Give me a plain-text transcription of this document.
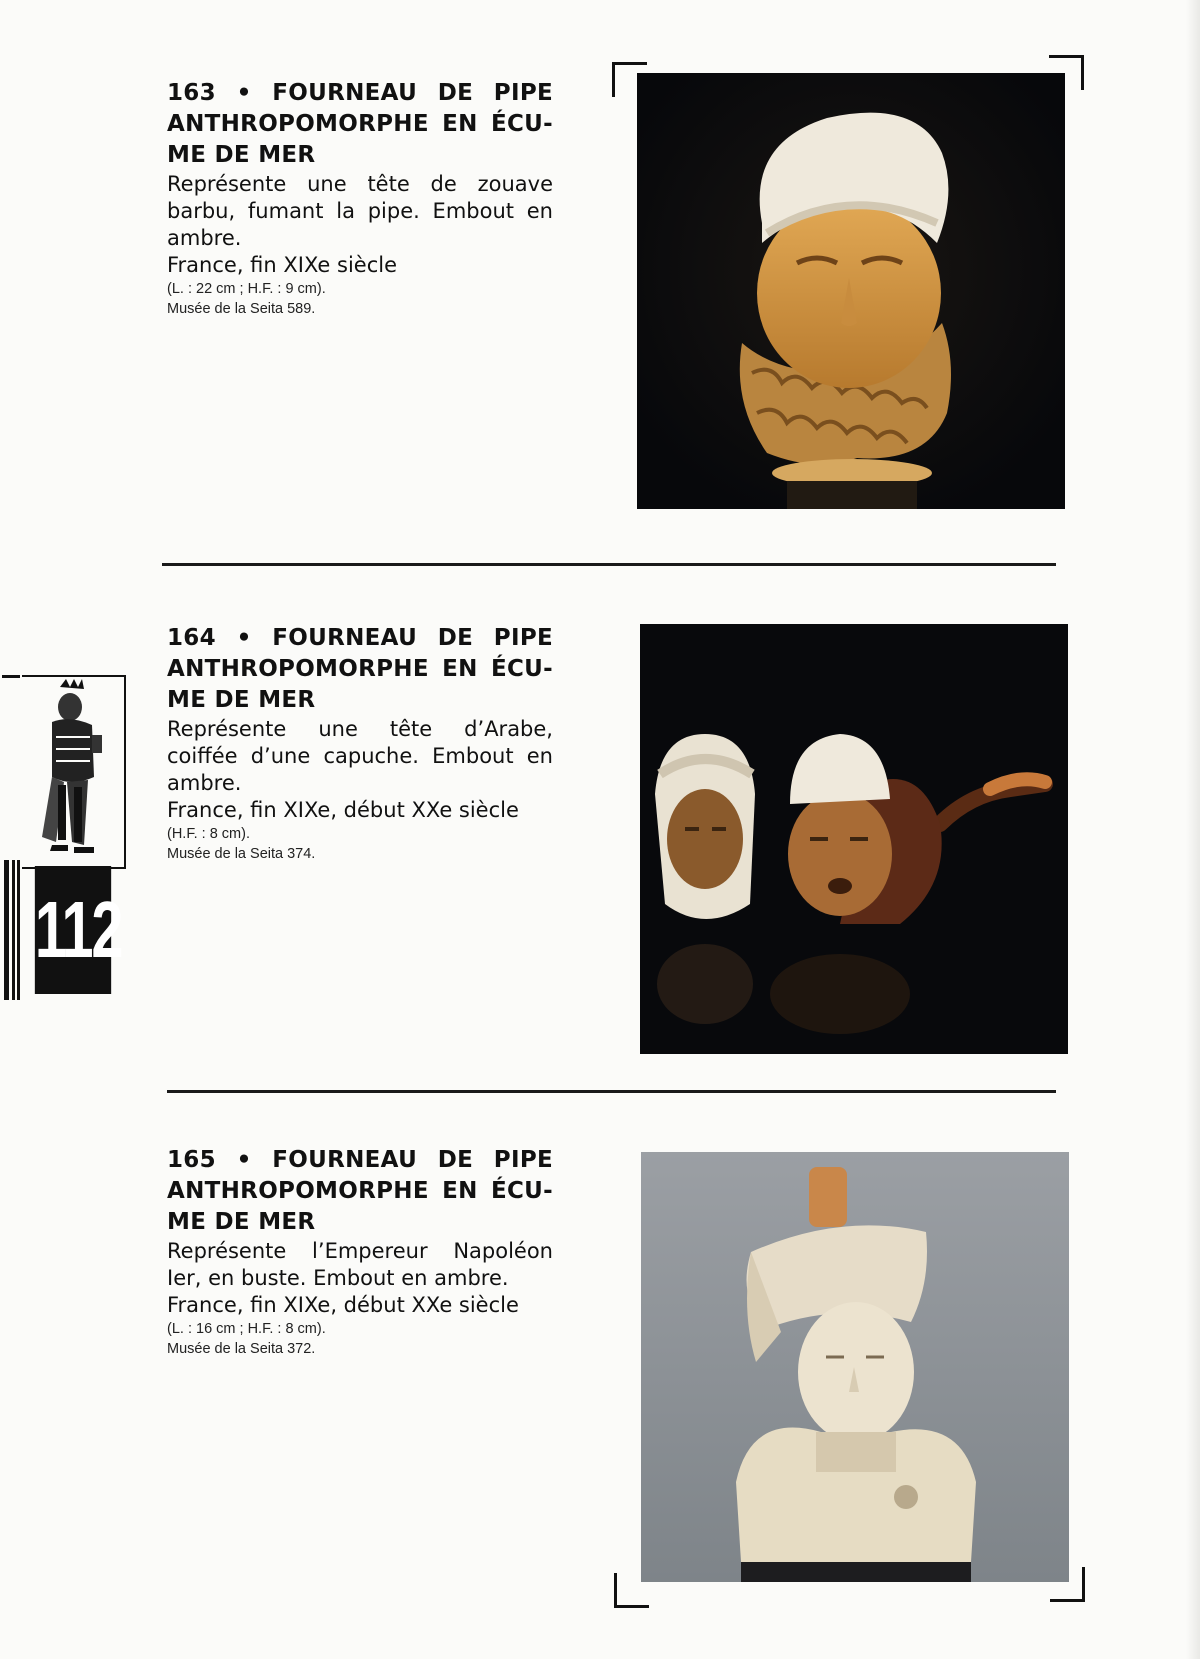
163 • FOURNEAU DE PIPE ANTHROPOMORPHE EN ÉCU-ME DE MER

Représente une tête de zouave barbu, fumant la pipe. Embout en ambre.

France, fin XIXe siècle

(L. : 22 cm ; H.F. : 9 cm).

Musée de la Seita 589.

164 • FOURNEAU DE PIPE ANTHROPOMORPHE EN ÉCU-ME DE MER

Représente une tête d’Arabe, coiffée d’une capuche. Embout en ambre.

France, fin XIXe, début XXe siècle

(H.F. : 8 cm).

Musée de la Seita 374.

112

165 • FOURNEAU DE PIPE ANTHROPOMORPHE EN ÉCU-ME DE MER

Représente l’Empereur Napoléon Ier, en buste. Embout en ambre.

France, fin XIXe, début XXe siècle

(L. : 16 cm ; H.F. : 8 cm).

Musée de la Seita 372.
